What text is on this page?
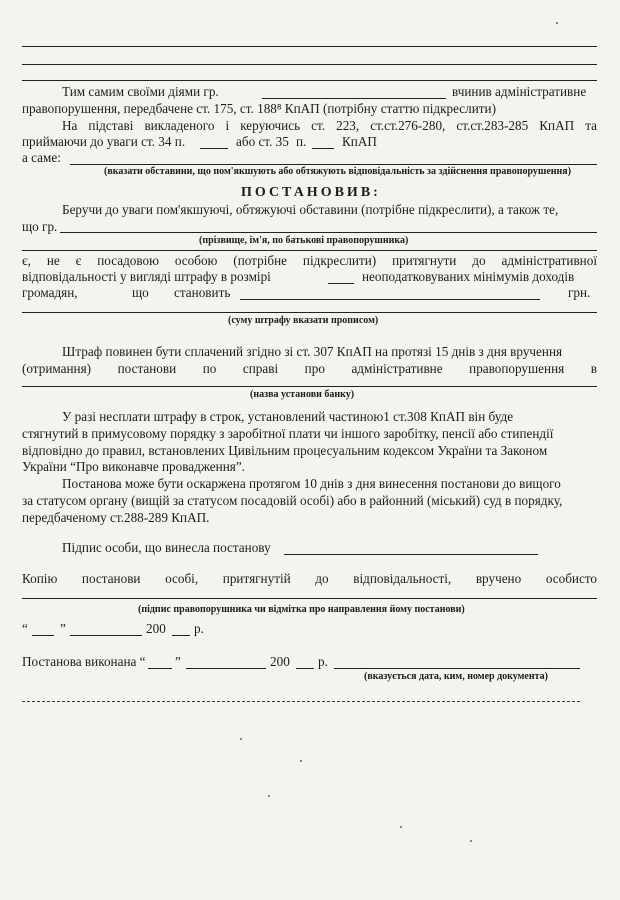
Тим самим своїми діями гр.	вчинив адміністративне
правопорушення, передбачене ст. 175, ст. 188⁸ КпАП (потрібну статтю підкреслити)
На підставі викладеного і керуючись ст. 223, ст.ст.276-280, ст.ст.283-285 КпАП та
приймаючи до уваги ст. 34 п.	або ст. 35 п.	КпАП
а саме:
(вказати обставини, що пом'якшують або обтяжують відповідальність за здійснення правопорушення)
ПОСТАНОВИВ:
Беручи до уваги пом'якшуючі, обтяжуючі обставини (потрібне підкреслити), а також те,
що гр.
(прізвище, ім'я, по батькові правопорушника)
є, не є посадовою особою (потрібне підкреслити) притягнути до адміністративної
відповідальності у вигляді штрафу в розмірі	неоподатковуваних мінімумів доходів
громадян,	що становить	грн.
(суму штрафу вказати прописом)
Штраф повинен бути сплачений згідно зі ст. 307 КпАП на протязі 15 днів з дня вручення
(отримання) постанови по справі про адміністративне правопорушення в
(назва установи банку)
У разі несплати штрафу в строк, установлений частиною1 ст.308 КпАП він буде
стягнутий в примусовому порядку з заробітної плати чи іншого заробітку, пенсії або стипендії
відповідно до правил, встановлених Цивільним процесуальним кодексом України та Законом
України “Про виконавче провадження”.
Постанова може бути оскаржена протягом 10 днів з дня винесення постанови до вищого
за статусом органу (вищій за статусом посадовій особі) або в районний (міський) суд в порядку,
передбаченому ст.288-289 КпАП.
Підпис особи, що винесла постанову
Копію постанови особі, притягнутій до відповідальності, вручено особисто
(підпис правопорушника чи відмітка про направлення йому постанови)
“ ”	200 р.
Постанова виконана “ ”	200 р.
(вказується дата, ким, номер документа)
